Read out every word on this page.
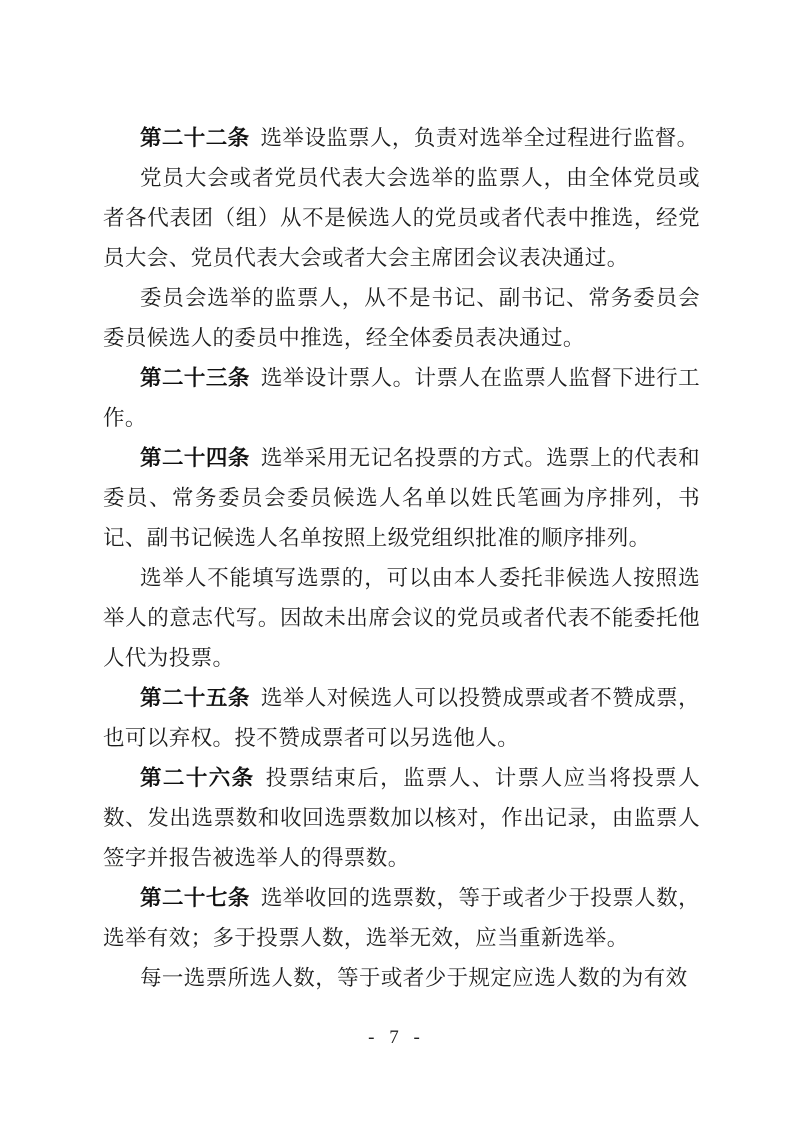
第二十二条 选举设监票人，负责对选举全过程进行监督。

党员大会或者党员代表大会选举的监票人，由全体党员或者各代表团（组）从不是候选人的党员或者代表中推选，经党员大会、党员代表大会或者大会主席团会议表决通过。

委员会选举的监票人，从不是书记、副书记、常务委员会委员候选人的委员中推选，经全体委员表决通过。

第二十三条 选举设计票人。计票人在监票人监督下进行工作。

第二十四条 选举采用无记名投票的方式。选票上的代表和委员、常务委员会委员候选人名单以姓氏笔画为序排列，书记、副书记候选人名单按照上级党组织批准的顺序排列。

选举人不能填写选票的，可以由本人委托非候选人按照选举人的意志代写。因故未出席会议的党员或者代表不能委托他人代为投票。

第二十五条 选举人对候选人可以投赞成票或者不赞成票，也可以弃权。投不赞成票者可以另选他人。

第二十六条 投票结束后，监票人、计票人应当将投票人数、发出选票数和收回选票数加以核对，作出记录，由监票人签字并报告被选举人的得票数。

第二十七条 选举收回的选票数，等于或者少于投票人数，选举有效；多于投票人数，选举无效，应当重新选举。

每一选票所选人数，等于或者少于规定应选人数的为有效

- 7 -
